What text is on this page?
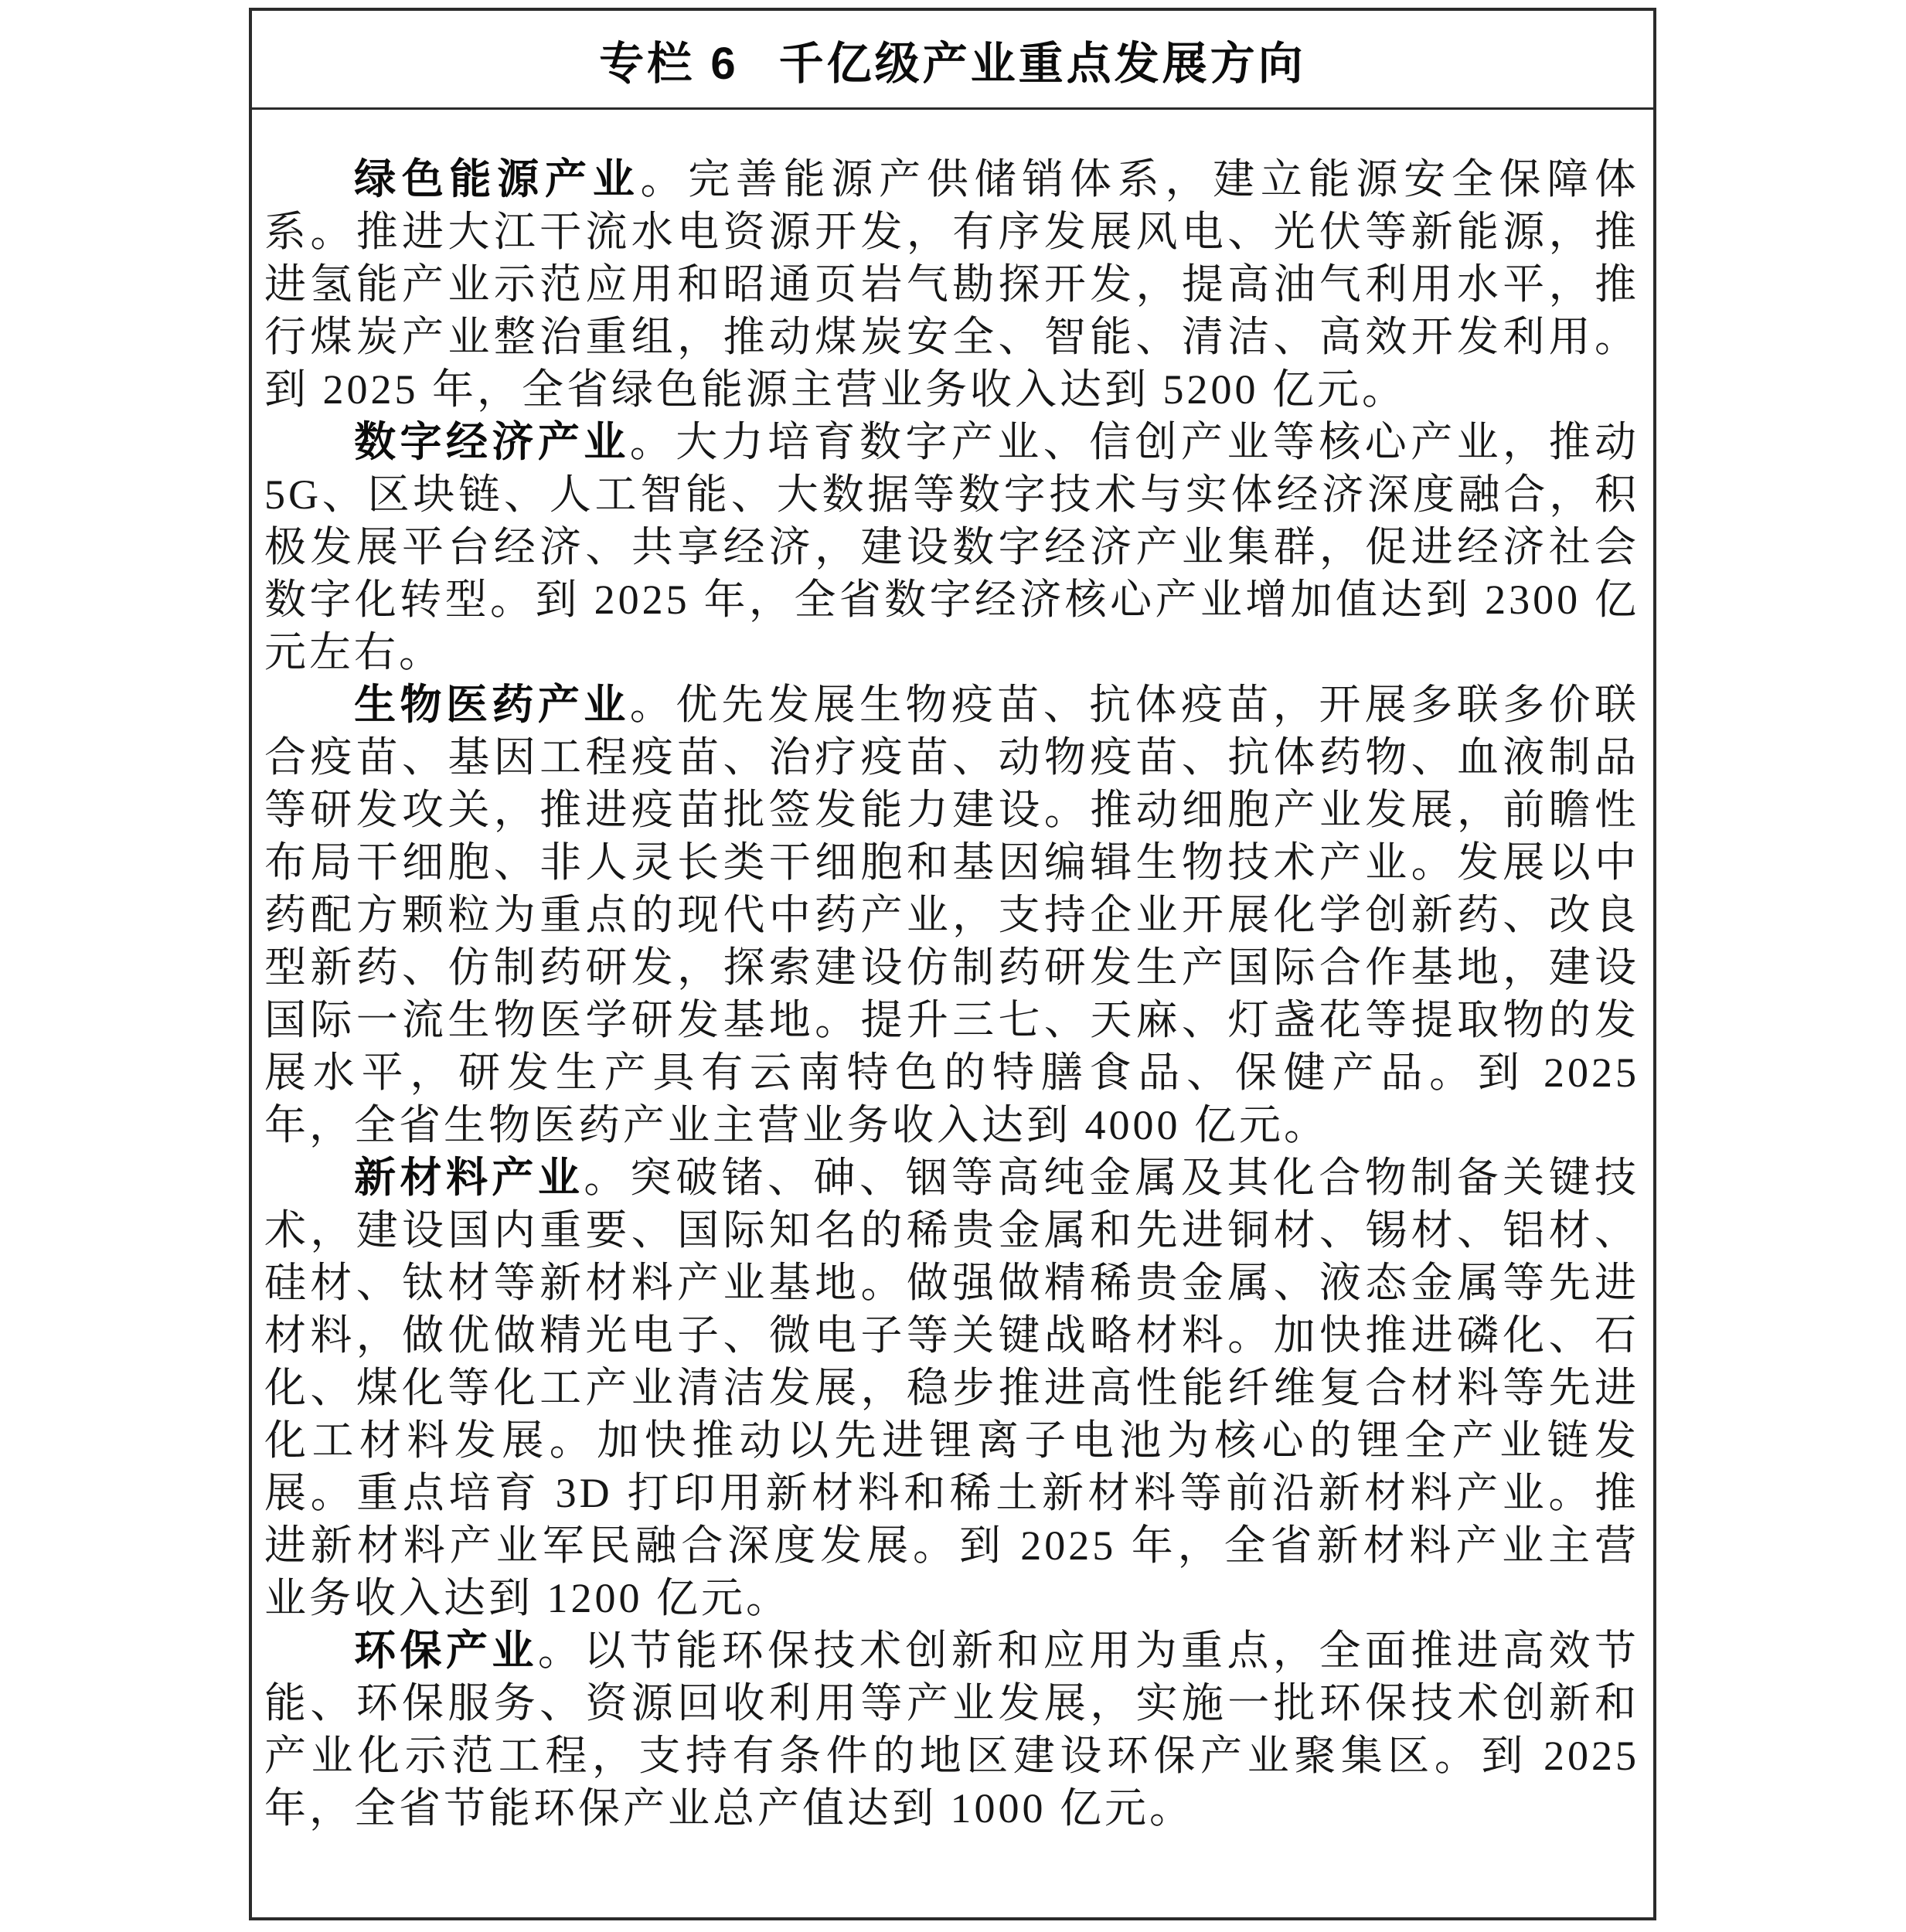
专栏 6 千亿级产业重点发展方向

绿色能源产业。完善能源产供储销体系，建立能源安全保障体系。推进大江干流水电资源开发，有序发展风电、光伏等新能源，推进氢能产业示范应用和昭通页岩气勘探开发，提高油气利用水平，推行煤炭产业整治重组，推动煤炭安全、智能、清洁、高效开发利用。到 2025 年，全省绿色能源主营业务收入达到 5200 亿元。

数字经济产业。大力培育数字产业、信创产业等核心产业，推动 5G、区块链、人工智能、大数据等数字技术与实体经济深度融合，积极发展平台经济、共享经济，建设数字经济产业集群，促进经济社会数字化转型。到 2025 年，全省数字经济核心产业增加值达到 2300 亿元左右。

生物医药产业。优先发展生物疫苗、抗体疫苗，开展多联多价联合疫苗、基因工程疫苗、治疗疫苗、动物疫苗、抗体药物、血液制品等研发攻关，推进疫苗批签发能力建设。推动细胞产业发展，前瞻性布局干细胞、非人灵长类干细胞和基因编辑生物技术产业。发展以中药配方颗粒为重点的现代中药产业，支持企业开展化学创新药、改良型新药、仿制药研发，探索建设仿制药研发生产国际合作基地，建设国际一流生物医学研发基地。提升三七、天麻、灯盏花等提取物的发展水平，研发生产具有云南特色的特膳食品、保健产品。到 2025 年，全省生物医药产业主营业务收入达到 4000 亿元。

新材料产业。突破锗、砷、铟等高纯金属及其化合物制备关键技术，建设国内重要、国际知名的稀贵金属和先进铜材、锡材、铝材、硅材、钛材等新材料产业基地。做强做精稀贵金属、液态金属等先进材料，做优做精光电子、微电子等关键战略材料。加快推进磷化、石化、煤化等化工产业清洁发展，稳步推进高性能纤维复合材料等先进化工材料发展。加快推动以先进锂离子电池为核心的锂全产业链发展。重点培育 3D 打印用新材料和稀土新材料等前沿新材料产业。推进新材料产业军民融合深度发展。到 2025 年，全省新材料产业主营业务收入达到 1200 亿元。

环保产业。以节能环保技术创新和应用为重点，全面推进高效节能、环保服务、资源回收利用等产业发展，实施一批环保技术创新和产业化示范工程，支持有条件的地区建设环保产业聚集区。到 2025 年，全省节能环保产业总产值达到 1000 亿元。
